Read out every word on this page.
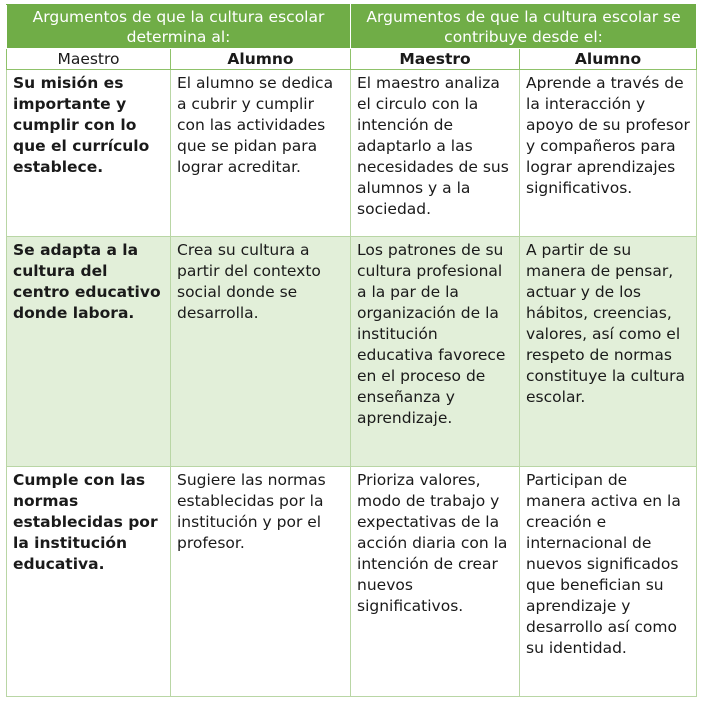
Argumentos de que la cultura escolar determina al:		Argumentos de que la cultura escolar se contribuye desde el:	
Maestro	Alumno	Maestro	Alumno
Su misión es importante y cumplir con lo que el currículo establece.	El alumno se dedica a cubrir y cumplir con las actividades que se pidan para lograr acreditar.	El maestro analiza el circulo con la intención de adaptarlo a las necesidades de sus alumnos y a la sociedad.	Aprende a través de la interacción y apoyo de su profesor y compañeros para lograr aprendizajes significativos.
Se adapta a la cultura del centro educativo donde labora.	Crea su cultura a partir del contexto social donde se desarrolla.	Los patrones de su cultura profesional a la par de la organización de la institución educativa favorece en el proceso de enseñanza y aprendizaje.	A partir de su manera de pensar, actuar y de los hábitos, creencias, valores, así como el respeto de normas constituye la cultura escolar.
Cumple con las normas establecidas por la institución educativa.	Sugiere las normas establecidas por la institución y por el profesor.	Prioriza valores, modo de trabajo y expectativas de la acción diaria con la intención de crear nuevos significativos.	Participan de manera activa en la creación e internacional de nuevos significados que benefician su aprendizaje y desarrollo así como su identidad.
